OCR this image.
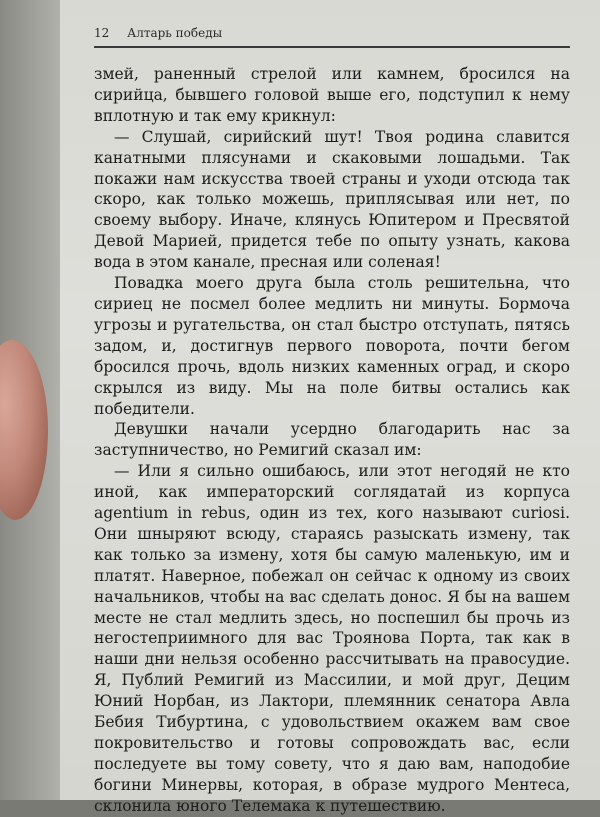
12 Алтарь победы

змей, раненный стрелой или камнем, бросился на сирийца, бывшего головой выше его, подступил к нему вплотную и так ему крикнул:

— Слушай, сирийский шут! Твоя родина славится канатными плясунами и скаковыми лошадьми. Так покажи нам искусства твоей страны и уходи отсюда так скоро, как только можешь, приплясывая или нет, по своему выбору. Иначе, клянусь Юпитером и Пресвятой Девой Марией, придется тебе по опыту узнать, какова вода в этом канале, пресная или соленая!

Повадка моего друга была столь решительна, что сириец не посмел более медлить ни минуты. Бормоча угрозы и ругательства, он стал быстро отступать, пятясь задом, и, достигнув первого поворота, почти бегом бросился прочь, вдоль низких каменных оград, и скоро скрылся из виду. Мы на поле битвы остались как победители.

Девушки начали усердно благодарить нас за заступничество, но Ремигий сказал им:

— Или я сильно ошибаюсь, или этот негодяй не кто иной, как императорский соглядатай из корпуса agentium in rebus, один из тех, кого называют curiosi. Они шныряют всюду, стараясь разыскать измену, так как только за измену, хотя бы самую маленькую, им и платят. Наверное, побежал он сейчас к одному из своих начальников, чтобы на вас сделать донос. Я бы на вашем месте не стал медлить здесь, но поспешил бы прочь из негостеприимного для вас Троянова Порта, так как в наши дни нельзя особенно рассчитывать на правосудие. Я, Публий Ремигий из Массилии, и мой друг, Децим Юний Норбан, из Лактори, племянник сенатора Авла Бебия Тибуртина, с удовольствием окажем вам свое покровительство и готовы сопровождать вас, если последуете вы тому совету, что я даю вам, наподобие богини Минервы, которая, в образе мудрого Ментеса, склонила юного Телемака к путешествию.
